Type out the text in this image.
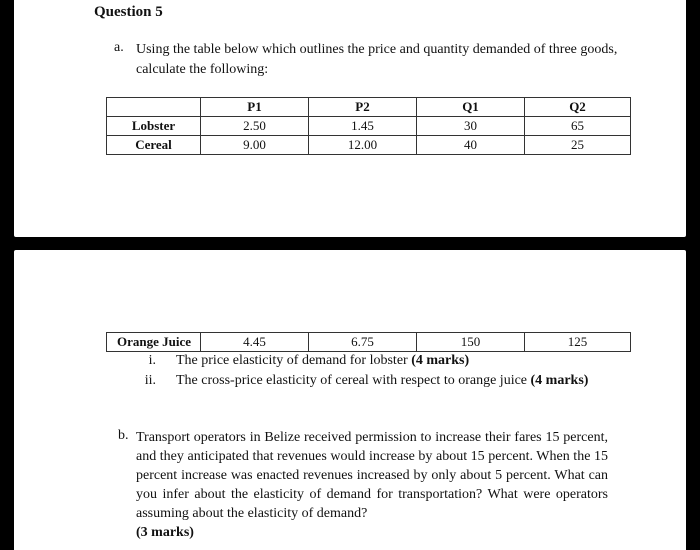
Question 5
a. Using the table below which outlines the price and quantity demanded of three goods, calculate the following:
	P1	P2	Q1	Q2
Lobster	2.50	1.45	30	65
Cereal	9.00	12.00	40	25
Orange Juice	4.45	6.75	150	125
i. The price elasticity of demand for lobster (4 marks)
ii. The cross-price elasticity of cereal with respect to orange juice (4 marks)
b. Transport operators in Belize received permission to increase their fares 15 percent, and they anticipated that revenues would increase by about 15 percent. When the 15 percent increase was enacted revenues increased by only about 5 percent. What can you infer about the elasticity of demand for transportation? What were operators assuming about the elasticity of demand?
(3 marks)
